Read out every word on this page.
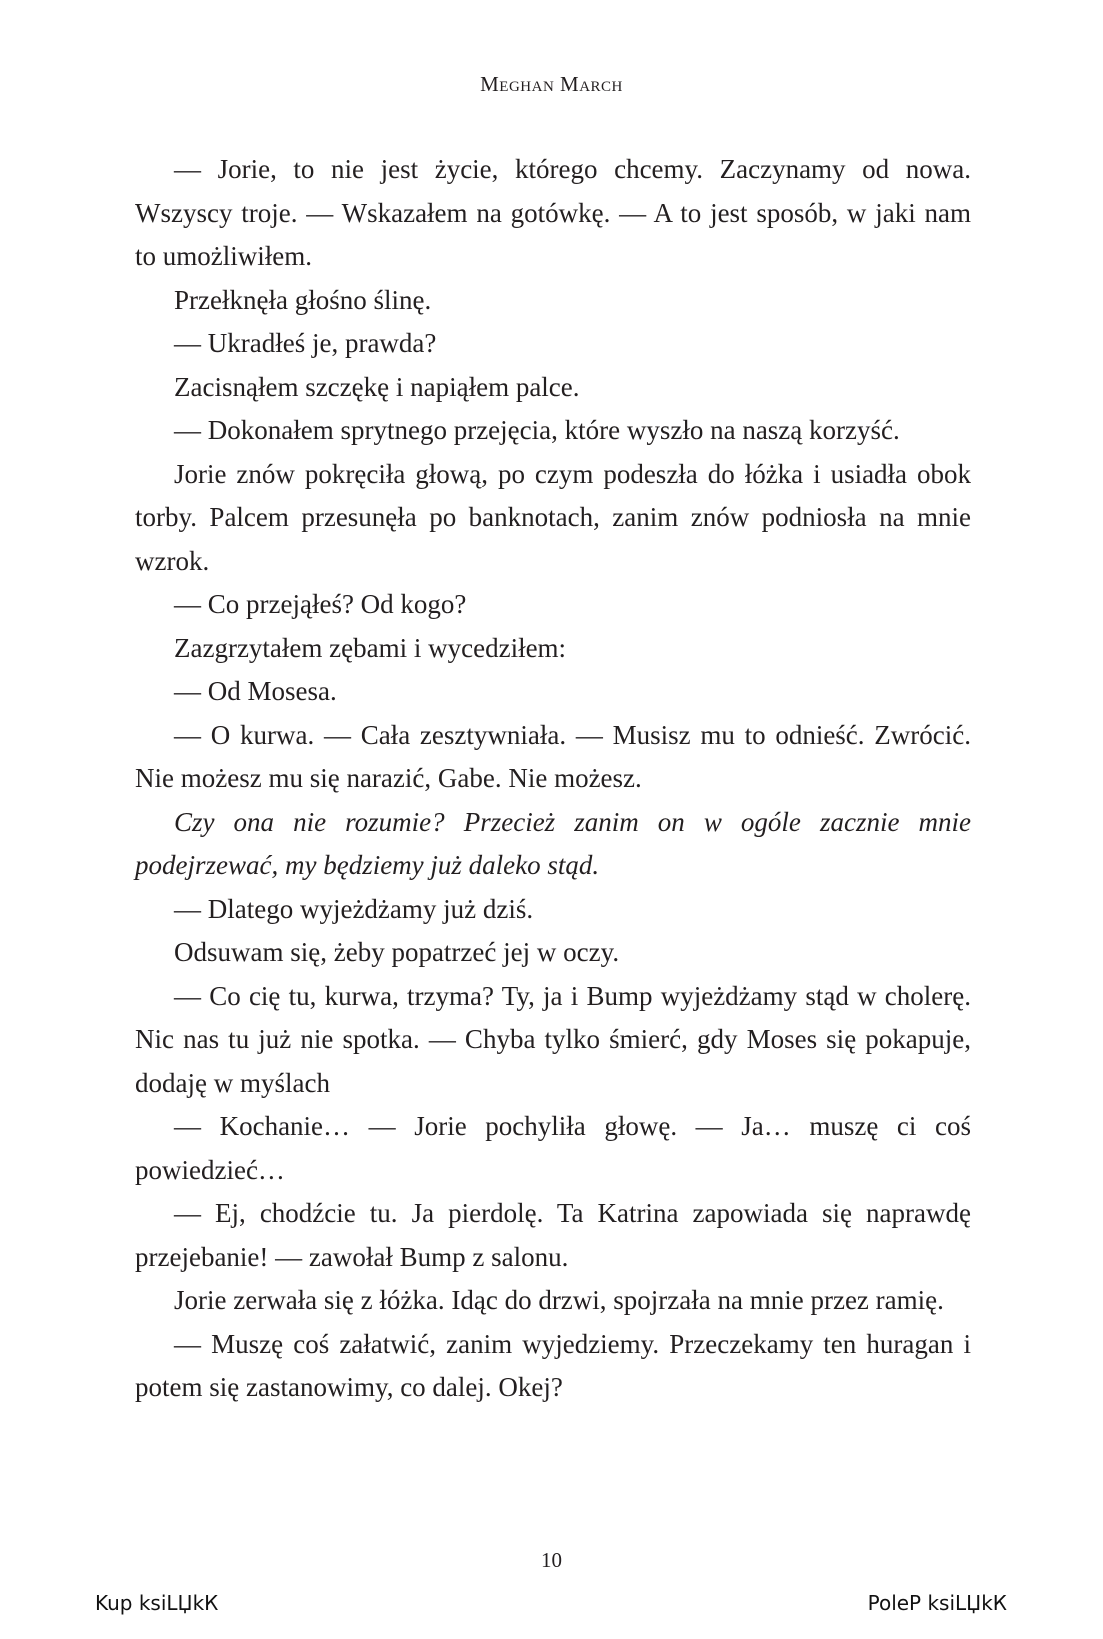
Meghan March

— Jorie, to nie jest życie, którego chcemy. Zaczynamy od nowa. Wszyscy troje. — Wskazałem na gotówkę. — A to jest sposób, w jaki nam to umożliwiłem.

Przełknęła głośno ślinę.

— Ukradłeś je, prawda?

Zacisnąłem szczękę i napiąłem palce.

— Dokonałem sprytnego przejęcia, które wyszło na naszą korzyść.

Jorie znów pokręciła głową, po czym podeszła do łóżka i usiadła obok torby. Palcem przesunęła po banknotach, zanim znów podniosła na mnie wzrok.

— Co przejąłeś? Od kogo?

Zazgrzytałem zębami i wycedziłem:

— Od Mosesa.

— O kurwa. — Cała zesztywniała. — Musisz mu to odnieść. Zwrócić. Nie możesz mu się narazić, Gabe. Nie możesz.

Czy ona nie rozumie? Przecież zanim on w ogóle zacznie mnie podejrzewać, my będziemy już daleko stąd.

— Dlatego wyjeżdżamy już dziś.

Odsuwam się, żeby popatrzeć jej w oczy.

— Co cię tu, kurwa, trzyma? Ty, ja i Bump wyjeżdżamy stąd w cholerę. Nic nas tu już nie spotka. — Chyba tylko śmierć, gdy Moses się pokapuje, dodaję w myślach

— Kochanie… — Jorie pochyliła głowę. — Ja… muszę ci coś powiedzieć…

— Ej, chodźcie tu. Ja pierdolę. Ta Katrina zapowiada się naprawdę przejebanie! — zawołał Bump z salonu.

Jorie zerwała się z łóżka. Idąc do drzwi, spojrzała na mnie przez ramię.

— Muszę coś załatwić, zanim wyjedziemy. Przeczekamy ten huragan i potem się zastanowimy, co dalej. Okej?

10
Kup ksiLЏkК	PoleP ksiLЏkК
